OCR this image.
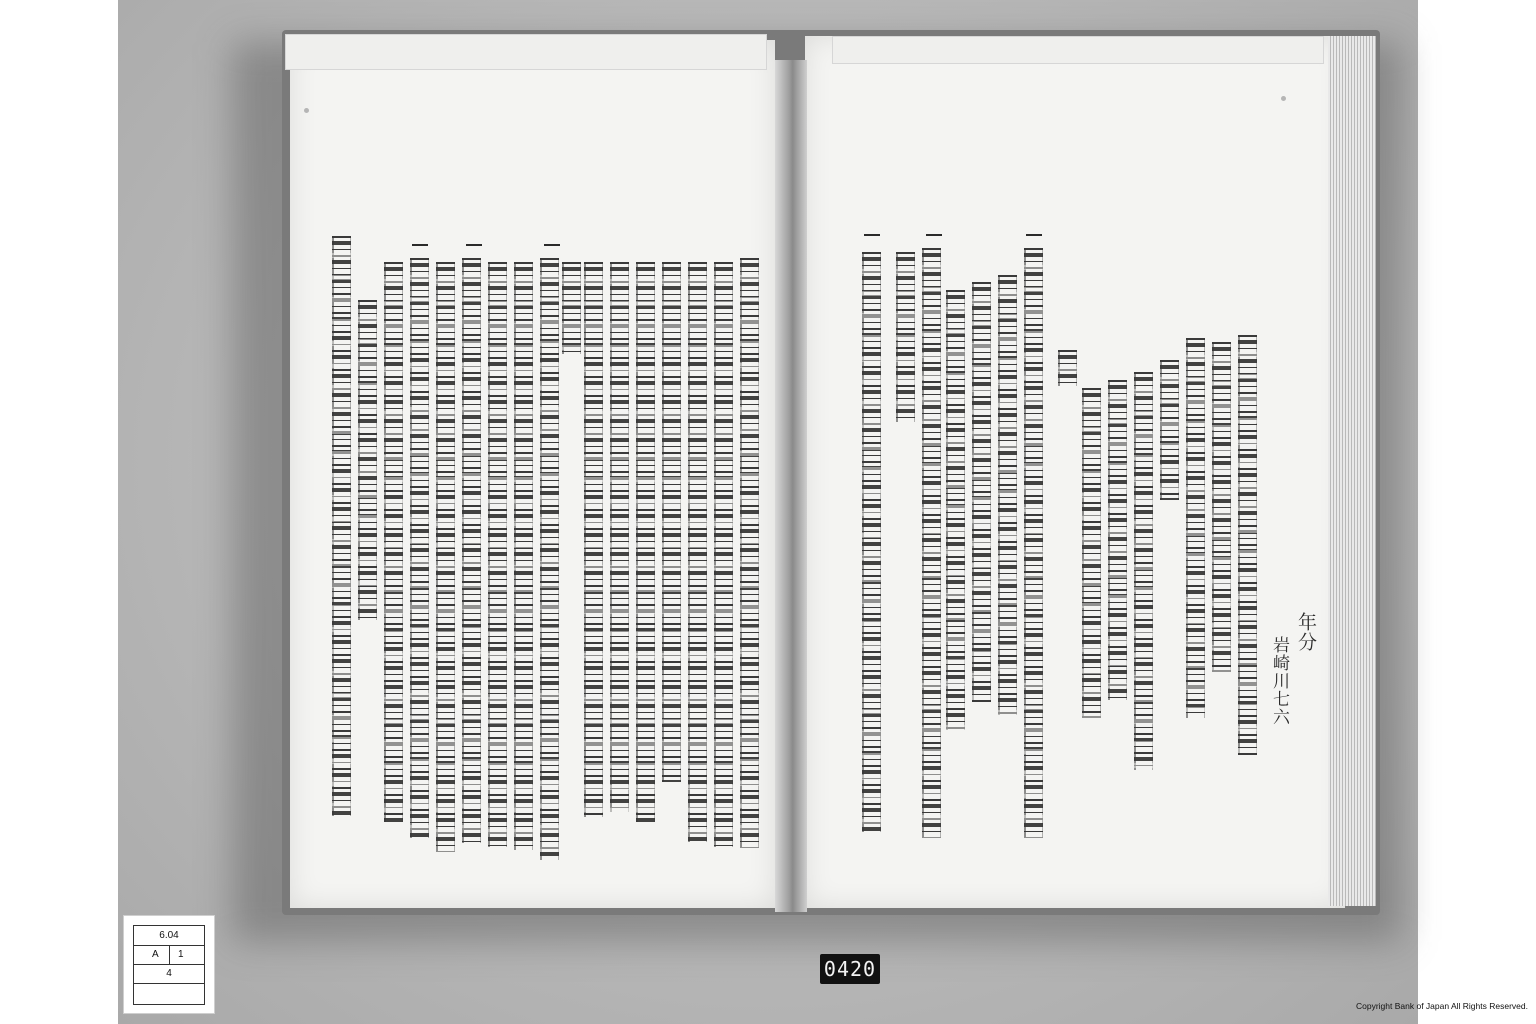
年分
岩崎川七六
6.04
A 1
4	0420
Copyright Bank of Japan All Rights Reserved.
